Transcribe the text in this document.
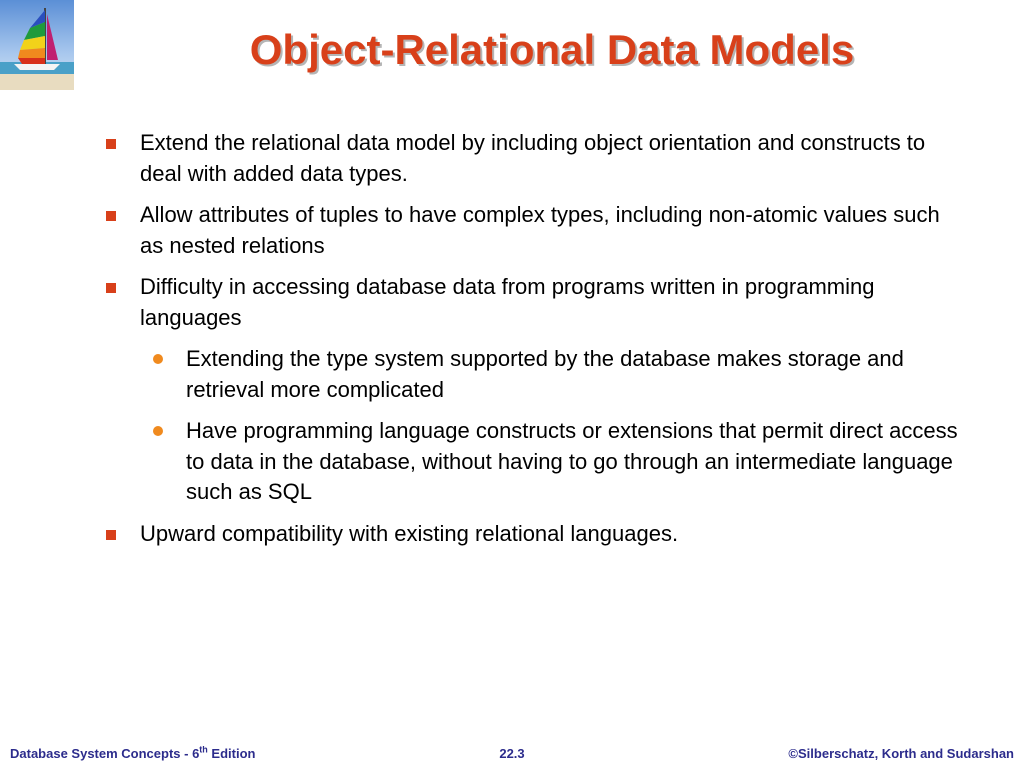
Object-Relational Data Models
Extend the relational data model by including object orientation and constructs to deal with added data types.
Allow attributes of tuples to have complex types, including non-atomic values such as nested relations
Difficulty in accessing database data from programs written in programming languages
Extending the type system supported by the database makes storage and retrieval more complicated
Have programming language constructs or extensions that permit direct access to data in the database, without having to go through an intermediate language such as SQL
Upward compatibility with existing relational languages.
Database System Concepts - 6th Edition	22.3	©Silberschatz, Korth and Sudarshan
